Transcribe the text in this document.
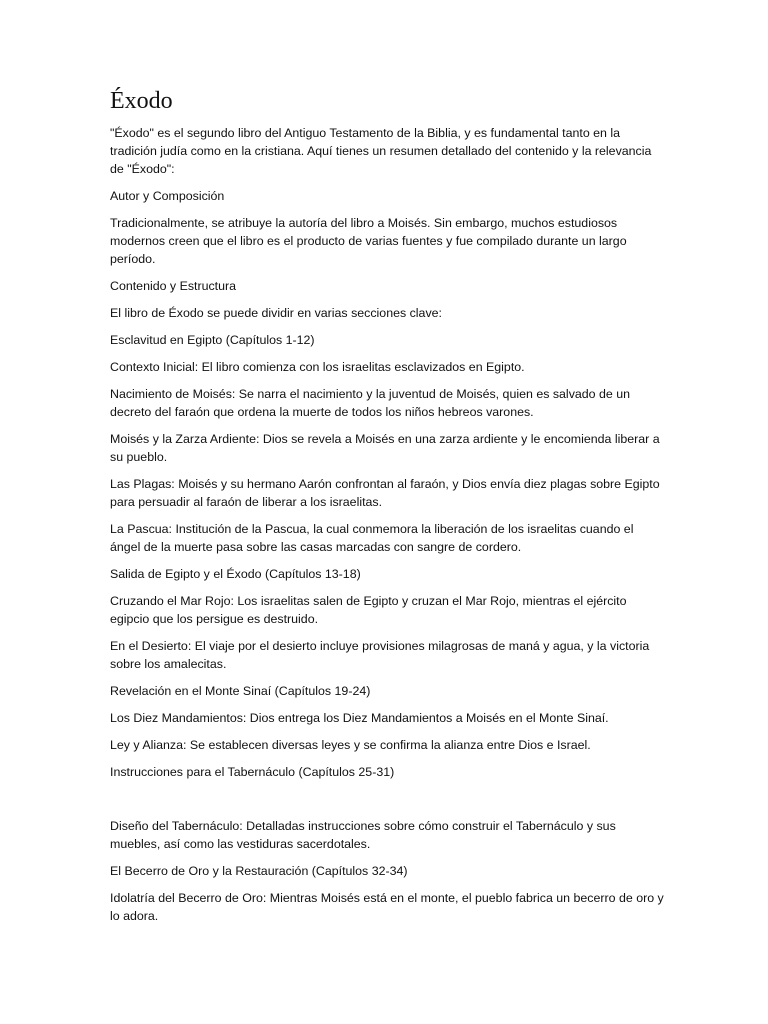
Éxodo

"Éxodo" es el segundo libro del Antiguo Testamento de la Biblia, y es fundamental tanto en la tradición judía como en la cristiana. Aquí tienes un resumen detallado del contenido y la relevancia de "Éxodo":

Autor y Composición

Tradicionalmente, se atribuye la autoría del libro a Moisés. Sin embargo, muchos estudiosos modernos creen que el libro es el producto de varias fuentes y fue compilado durante un largo período.

Contenido y Estructura

El libro de Éxodo se puede dividir en varias secciones clave:

Esclavitud en Egipto (Capítulos 1-12)

Contexto Inicial: El libro comienza con los israelitas esclavizados en Egipto.

Nacimiento de Moisés: Se narra el nacimiento y la juventud de Moisés, quien es salvado de un decreto del faraón que ordena la muerte de todos los niños hebreos varones.

Moisés y la Zarza Ardiente: Dios se revela a Moisés en una zarza ardiente y le encomienda liberar a su pueblo.

Las Plagas: Moisés y su hermano Aarón confrontan al faraón, y Dios envía diez plagas sobre Egipto para persuadir al faraón de liberar a los israelitas.

La Pascua: Institución de la Pascua, la cual conmemora la liberación de los israelitas cuando el ángel de la muerte pasa sobre las casas marcadas con sangre de cordero.

Salida de Egipto y el Éxodo (Capítulos 13-18)

Cruzando el Mar Rojo: Los israelitas salen de Egipto y cruzan el Mar Rojo, mientras el ejército egipcio que los persigue es destruido.

En el Desierto: El viaje por el desierto incluye provisiones milagrosas de maná y agua, y la victoria sobre los amalecitas.

Revelación en el Monte Sinaí (Capítulos 19-24)

Los Diez Mandamientos: Dios entrega los Diez Mandamientos a Moisés en el Monte Sinaí.

Ley y Alianza: Se establecen diversas leyes y se confirma la alianza entre Dios e Israel.

Instrucciones para el Tabernáculo (Capítulos 25-31)

Diseño del Tabernáculo: Detalladas instrucciones sobre cómo construir el Tabernáculo y sus muebles, así como las vestiduras sacerdotales.

El Becerro de Oro y la Restauración (Capítulos 32-34)

Idolatría del Becerro de Oro: Mientras Moisés está en el monte, el pueblo fabrica un becerro de oro y lo adora.
